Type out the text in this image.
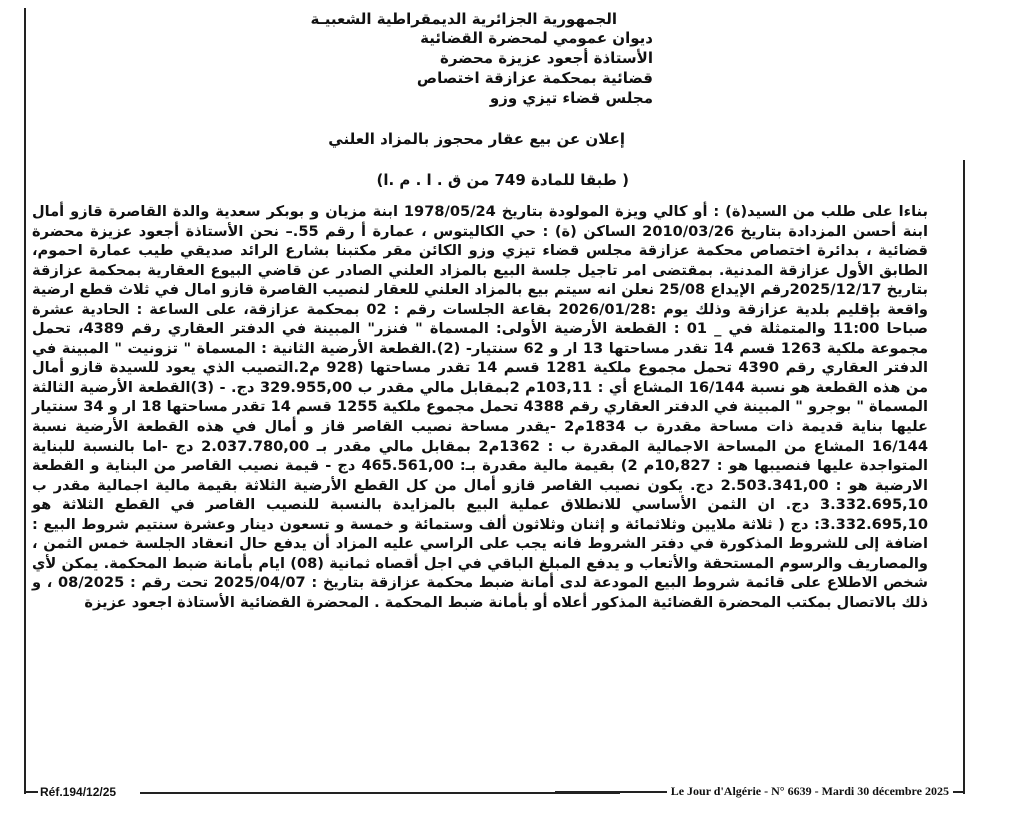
الجمهورية الجزائرية الديمقراطية الشعبيـة
ديوان عمومي لمحضرة القضائية
الأستاذة أجعود عزيزة محضرة
قضائية بمحكمة عزازقة اختصاص
مجلس قضاء تيزي وزو
إعلان عن بيع عقار محجوز بالمزاد العلني
( طبقا للمادة 749 من ق . ا . م .ا)
بناءا على طلب من السيد(ة) : أو كالي ويزة المولودة بتاريخ 1978/05/24 ابنة مزيان و بوبكر سعدية والدة القاصرة قازو أمال ابنة أحسن المزدادة بتاريخ 2010/03/26 الساكن (ة) : حي الكاليتوس ، عمارة أ رقم 55.– نحن الأستاذة أجعود عزيزة محضرة قضائية ، بدائرة اختصاص محكمة عزازقة مجلس قضاء تيزي وزو الكائن مقر مكتبنا بشارع الرائد صديقي طيب عمارة احموم، الطابق الأول عزازقة المدنية. بمقتضى امر تاجيل جلسة البيع بالمزاد العلني الصادر عن قاضي البيوع العقارية بمحكمة عزازقة بتاريخ 2025/12/17رقم الإيداع 25/08 نعلن انه سيتم بيع بالمزاد العلني للعقار لنصيب القاصرة قازو امال في ثلاث قطع ارضية واقعة بإقليم بلدية عزازقة وذلك يوم :2026/01/28 بقاعة الجلسات رقم : 02 بمحكمة عزازقة، على الساعة : الحادية عشرة صباحا 11:00 والمتمثلة في _ 01 : القطعة الأرضية الأولى: المسماة " فنزر" المبينة في الدفتر العقاري رقم 4389، تحمل مجموعة ملكية 1263 قسم 14 تقدر مساحتها 13 ار و 62 سنتيار- (2).القطعة الأرضية الثانية : المسماة " تزونيت " المبينة في الدفتر العقاري رقم 4390 تحمل مجموع ملكية 1281 قسم 14 تقدر مساحتها (928 م2.التصيب الذي يعود للسيدة قازو أمال من هذه القطعة هو نسبة 16/144 المشاع أي : 103,11م 2بمقابل مالي مقدر ب 329.955,00 دج. - (3)القطعة الأرضية الثالثة المسماة " بوجرو " المبينة في الدفتر العقاري رقم 4388 تحمل مجموع ملكية 1255 قسم 14 تقدر مساحتها 18 ار و 34 سنتيار عليها بناية قديمة ذات مساحة مقدرة ب 1834م2 -يقدر مساحة نصيب القاصر قاز و أمال في هذه القطعة الأرضية نسبة 16/144 المشاع من المساحة الاجمالية المقدرة ب : 1362م2 بمقابل مالي مقدر بـ 2.037.780,00 دج -اما بالنسبة للبناية المتواجدة عليها فنصيبها هو : 10,827م 2) بقيمة مالية مقدرة بـ: 465.561,00 دج - قيمة نصيب القاصر من البناية و القطعة الارضية هو : 2.503.341,00 دج. يكون نصيب القاصر قازو أمال من كل القطع الأرضية الثلاثة بقيمة مالية اجمالية مقدر ب 3.332.695,10 دج. ان الثمن الأساسي للانطلاق عملية البيع بالمزايدة بالنسبة للنصيب القاصر في القطع الثلاثة هو 3.332.695,10: دج ( ثلاثة ملايين وثلاثمائة و إثنان وثلاثون ألف وستمائة و خمسة و تسعون دينار وعشرة سنتيم شروط البيع : اضافة إلى للشروط المذكورة في دفتر الشروط فانه يجب على الراسي عليه المزاد أن يدفع حال انعقاد الجلسة خمس الثمن ، والمصاريف والرسوم المستحقة والأتعاب و يدفع المبلغ الباقي في اجل أقصاه ثمانية (08) ايام بأمانة ضبط المحكمة. يمكن لأي شخص الاطلاع على قائمة شروط البيع المودعة لدى أمانة ضبط محكمة عزازقة بتاريخ : 2025/04/07 تحت رقم : 08/2025 ، و ذلك بالاتصال بمكتب المحضرة القضائية المذكور أعلاه أو بأمانة ضبط المحكمة . المحضرة القضائية الأستاذة اجعود عزيزة
Réf.194/12/25	Le Jour d'Algérie - N° 6639 - Mardi 30 décembre 2025
